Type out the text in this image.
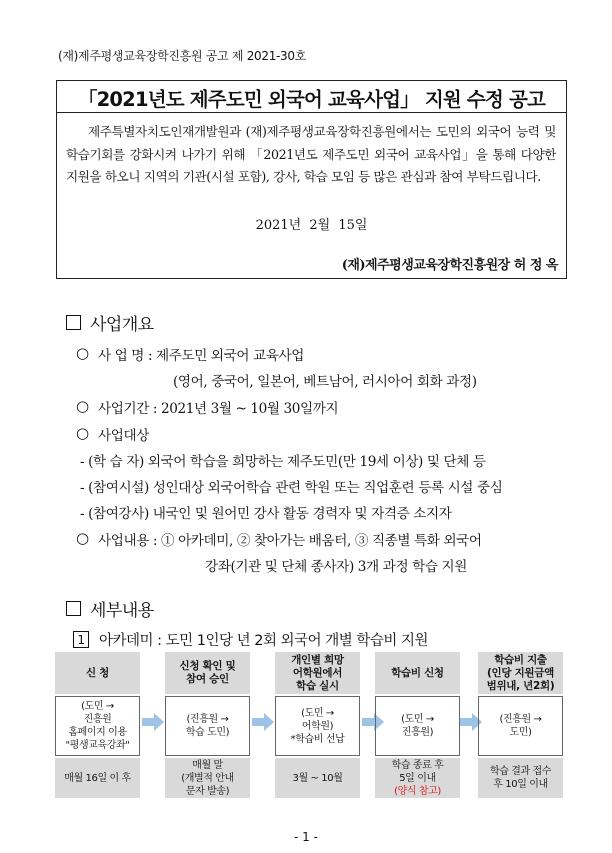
(재)제주평생교육장학진흥원 공고 제 2021-30호
「2021년도 제주도민 외국어 교육사업」 지원 수정 공고
제주특별자치도인재개발원과 (재)제주평생교육장학진흥원에서는 도민의 외국어 능력 및 학습기회를 강화시켜 나가기 위해 「2021년도 제주도민 외국어 교육사업」을 통해 다양한 지원을 하오니 지역의 기관(시설 포함), 강사, 학습 모임 등 많은 관심과 참여 부탁드립니다.
2021년 2월 15일
(재)제주평생교육장학진흥원장 허 정 옥
사업개요
○ 사 업 명 : 제주도민 외국어 교육사업
(영어, 중국어, 일본어, 베트남어, 러시아어 회화 과정)
○ 사업기간 : 2021년 3월 ~ 10월 30일까지
○ 사업대상
- (학 습 자) 외국어 학습을 희망하는 제주도민(만 19세 이상) 및 단체 등
- (참여시설) 성인대상 외국어학습 관련 학원 또는 직업훈련 등록 시설 중심
- (참여강사) 내국인 및 원어민 강사 활동 경력자 및 자격증 소지자
○ 사업내용 : ① 아카데미, ② 찾아가는 배움터, ③ 직종별 특화 외국어
강좌(기관 및 단체 종사자) 3개 과정 학습 지원
세부내용
1 아카데미 : 도민 1인당 년 2회 외국어 개별 학습비 지원
신 청
(도민 →
진흥원
홈페이지 이용
"평생교육강좌"
매월 16일 이 후
신청 확인 및
참여 승인
(진흥원 →
학습 도민)
매월 말
(개별적 안내
문자 발송)
개인별 희망
어학원에서
학습 실시
(도민 →
어학원)
*학습비 선납
3월 ~ 10월
학습비 신청
(도민 →
진흥원)
학습 종료 후
5일 이내
(양식 참고)
학습비 지출
(인당 지원금액
범위내, 년2회)
(진흥원 →
도민)
학습 결과 접수
후 10일 이내
- 1 -
